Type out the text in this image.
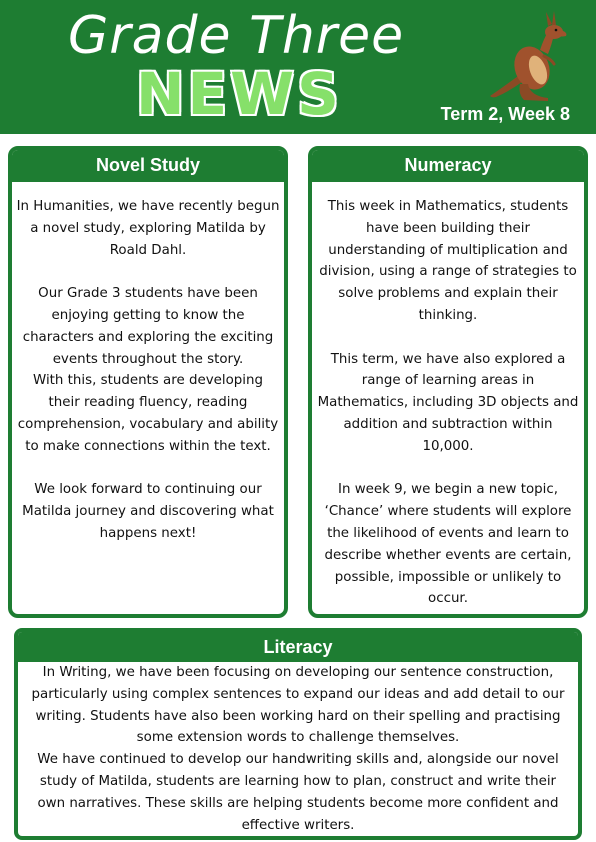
Grade Three
NEWS	Term 2, Week 8
Novel Study

In Humanities, we have recently begun a novel study, exploring Matilda by Roald Dahl.

Our Grade 3 students have been enjoying getting to know the characters and exploring the exciting events throughout the story.

With this, students are developing their reading fluency, reading comprehension, vocabulary and ability to make connections within the text.

We look forward to continuing our Matilda journey and discovering what happens next!

Numeracy

This week in Mathematics, students have been building their understanding of multiplication and division, using a range of strategies to solve problems and explain their thinking.

This term, we have also explored a range of learning areas in Mathematics, including 3D objects and addition and subtraction within 10,000.

In week 9, we begin a new topic, ‘Chance’ where students will explore the likelihood of events and learn to describe whether events are certain, possible, impossible or unlikely to occur.

Literacy

In Writing, we have been focusing on developing our sentence construction, particularly using complex sentences to expand our ideas and add detail to our writing. Students have also been working hard on their spelling and practising some extension words to challenge themselves.

We have continued to develop our handwriting skills and, alongside our novel study of Matilda, students are learning how to plan, construct and write their own narratives. These skills are helping students become more confident and effective writers.
